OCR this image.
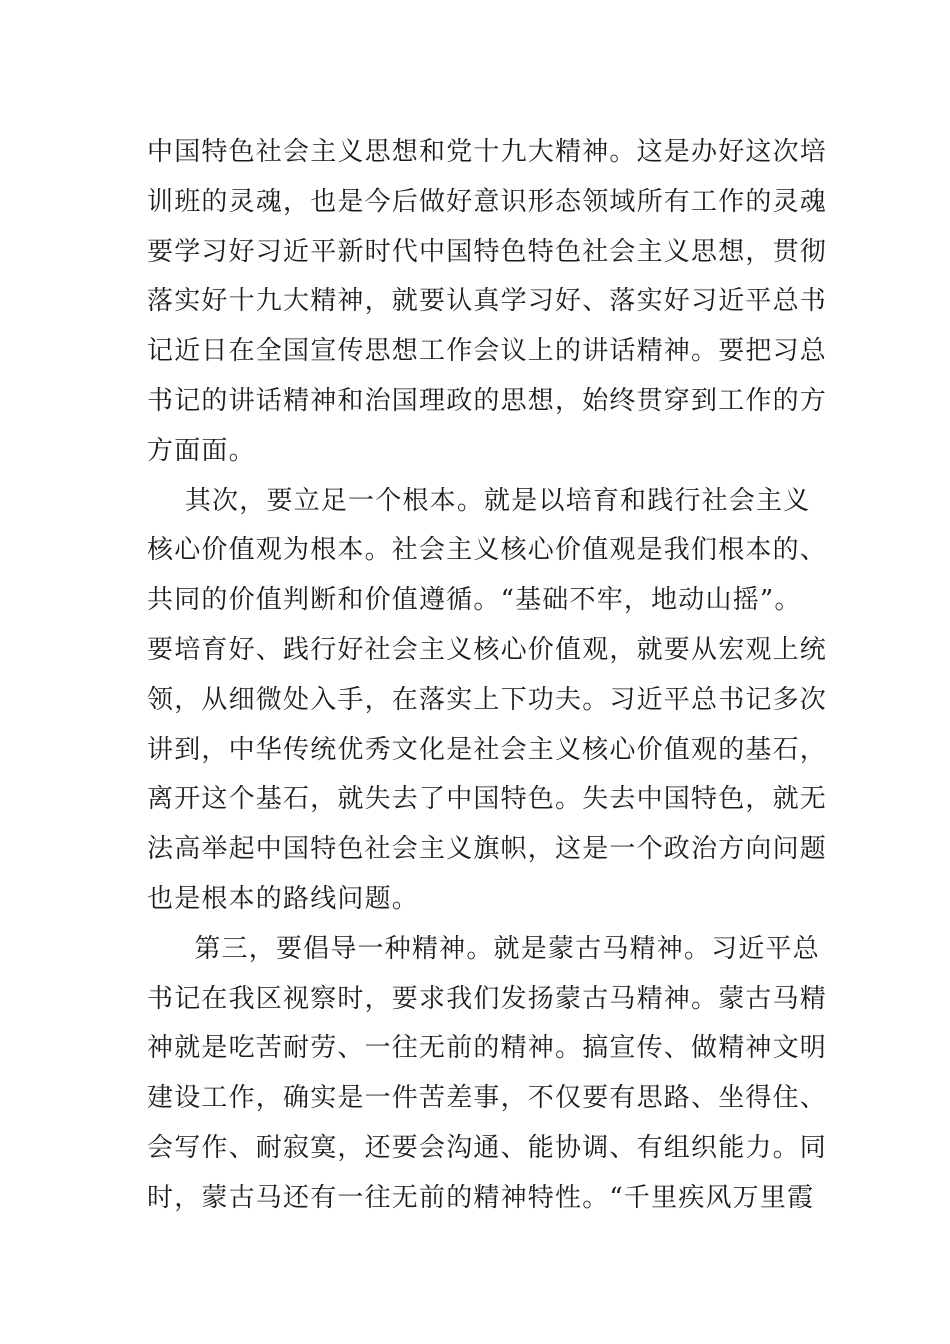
中国特色社会主义思想和党十九大精神。这是办好这次培
训班的灵魂，也是今后做好意识形态领域所有工作的灵魂
要学习好习近平新时代中国特色特色社会主义思想，贯彻
落实好十九大精神，就要认真学习好、落实好习近平总书
记近日在全国宣传思想工作会议上的讲话精神。要把习总
书记的讲话精神和治国理政的思想，始终贯穿到工作的方
方面面。
其次，要立足一个根本。就是以培育和践行社会主义
核心价值观为根本。社会主义核心价值观是我们根本的、
共同的价值判断和价值遵循。“基础不牢，地动山摇”。
要培育好、践行好社会主义核心价值观，就要从宏观上统
领，从细微处入手，在落实上下功夫。习近平总书记多次
讲到，中华传统优秀文化是社会主义核心价值观的基石，
离开这个基石，就失去了中国特色。失去中国特色，就无
法高举起中国特色社会主义旗帜，这是一个政治方向问题
也是根本的路线问题。
第三，要倡导一种精神。就是蒙古马精神。习近平总
书记在我区视察时，要求我们发扬蒙古马精神。蒙古马精
神就是吃苦耐劳、一往无前的精神。搞宣传、做精神文明
建设工作，确实是一件苦差事，不仅要有思路、坐得住、
会写作、耐寂寞，还要会沟通、能协调、有组织能力。同
时，蒙古马还有一往无前的精神特性。“千里疾风万里霞
